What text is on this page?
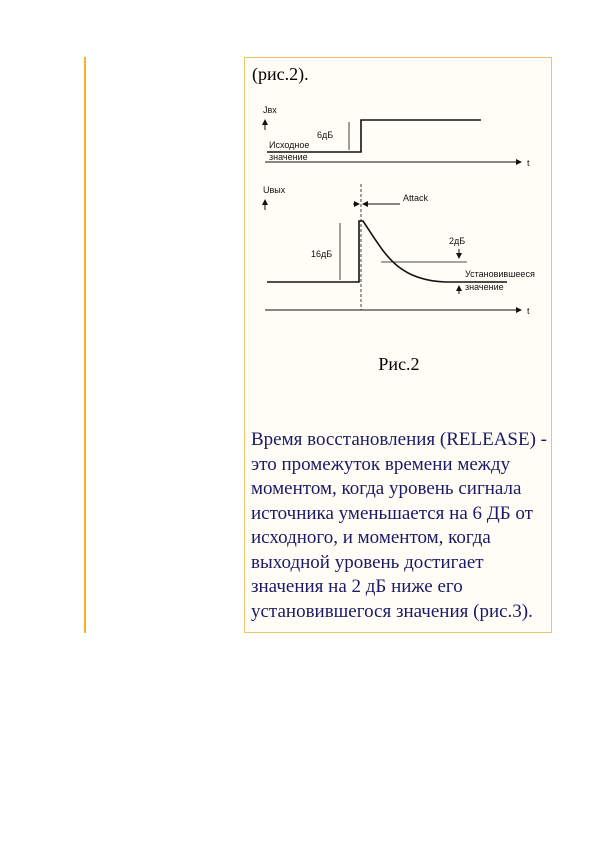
(рис.2).
Jвх
6дБ
Исходное
значение
t
Uвых
Attack
16дБ
2дБ
Установившееся
значение
t
Рис.2
Время восстановления (RELEASE) - это промежуток времени между моментом, когда уровень сигнала источника уменьшается на 6 ДБ от исходного, и моментом, когда выходной уровень достигает значения на 2 дБ ниже его установившегося значения (рис.3).
